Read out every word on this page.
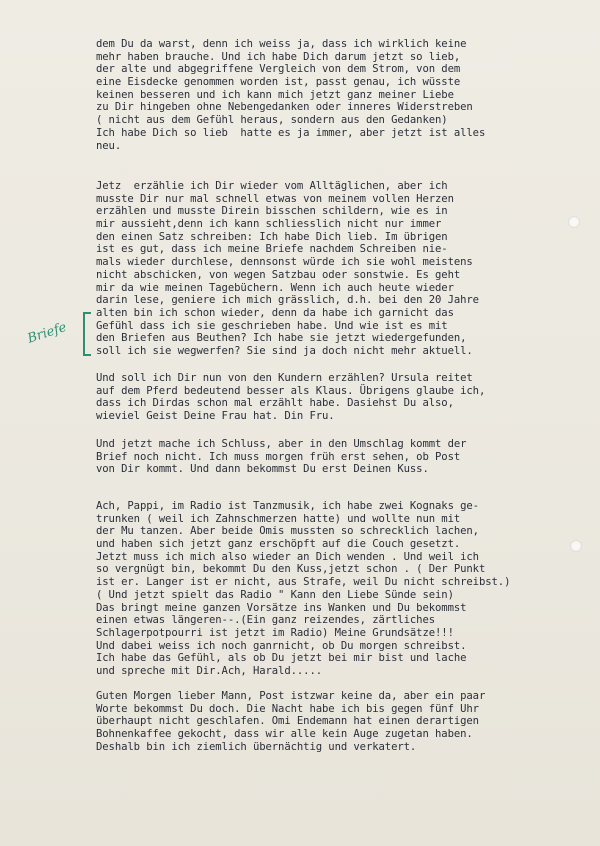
Briefe
dem Du da warst, denn ich weiss ja, dass ich wirklich keine
mehr haben brauche. Und ich habe Dich darum jetzt so lieb,
der alte und abgegriffene Vergleich von dem Strom, von dem
eine Eisdecke genommen worden ist, passt genau, ich wüsste
keinen besseren und ich kann mich jetzt ganz meiner Liebe
zu Dir hingeben ohne Nebengedanken oder inneres Widerstreben
( nicht aus dem Gefühl heraus, sondern aus den Gedanken)
Ich habe Dich so lieb  hatte es ja immer, aber jetzt ist alles
neu.
Jetz  erzählie ich Dir wieder vom Alltäglichen, aber ich
musste Dir nur mal schnell etwas von meinem vollen Herzen
erzählen und musste Direin bisschen schildern, wie es in
mir aussieht,denn ich kann schliesslich nicht nur immer
den einen Satz schreiben: Ich habe Dich lieb. Im übrigen
ist es gut, dass ich meine Briefe nachdem Schreiben nie-
mals wieder durchlese, dennsonst würde ich sie wohl meistens
nicht abschicken, von wegen Satzbau oder sonstwie. Es geht
mir da wie meinen Tagebüchern. Wenn ich auch heute wieder
darin lese, geniere ich mich grässlich, d.h. bei den 20 Jahre
alten bin ich schon wieder, denn da habe ich garnicht das
Gefühl dass ich sie geschrieben habe. Und wie ist es mit
den Briefen aus Beuthen? Ich habe sie jetzt wiedergefunden,
soll ich sie wegwerfen? Sie sind ja doch nicht mehr aktuell.
Und soll ich Dir nun von den Kundern erzählen? Ursula reitet
auf dem Pferd bedeutend besser als Klaus. Übrigens glaube ich,
dass ich Dirdas schon mal erzählt habe. Dasiehst Du also,
wieviel Geist Deine Frau hat. Din Fru.
Und jetzt mache ich Schluss, aber in den Umschlag kommt der
Brief noch nicht. Ich muss morgen früh erst sehen, ob Post
von Dir kommt. Und dann bekommst Du erst Deinen Kuss.
Ach, Pappi, im Radio ist Tanzmusik, ich habe zwei Kognaks ge-
trunken ( weil ich Zahnschmerzen hatte) und wollte nun mit
der Mu tanzen. Aber beide Omis mussten so schrecklich lachen,
und haben sich jetzt ganz erschöpft auf die Couch gesetzt.
Jetzt muss ich mich also wieder an Dich wenden . Und weil ich
so vergnügt bin, bekommt Du den Kuss,jetzt schon . ( Der Punkt
ist er. Langer ist er nicht, aus Strafe, weil Du nicht schreibst.)
( Und jetzt spielt das Radio " Kann den Liebe Sünde sein)
Das bringt meine ganzen Vorsätze ins Wanken und Du bekommst
einen etwas längeren--.(Ein ganz reizendes, zärtliches
Schlagerpotpourri ist jetzt im Radio) Meine Grundsätze!!!
Und dabei weiss ich noch ganrnicht, ob Du morgen schreibst.
Ich habe das Gefühl, als ob Du jetzt bei mir bist und lache
und spreche mit Dir.Ach, Harald.....
Guten Morgen lieber Mann, Post istzwar keine da, aber ein paar
Worte bekommst Du doch. Die Nacht habe ich bis gegen fünf Uhr
überhaupt nicht geschlafen. Omi Endemann hat einen derartigen
Bohnenkaffee gekocht, dass wir alle kein Auge zugetan haben.
Deshalb bin ich ziemlich übernächtig und verkatert.
